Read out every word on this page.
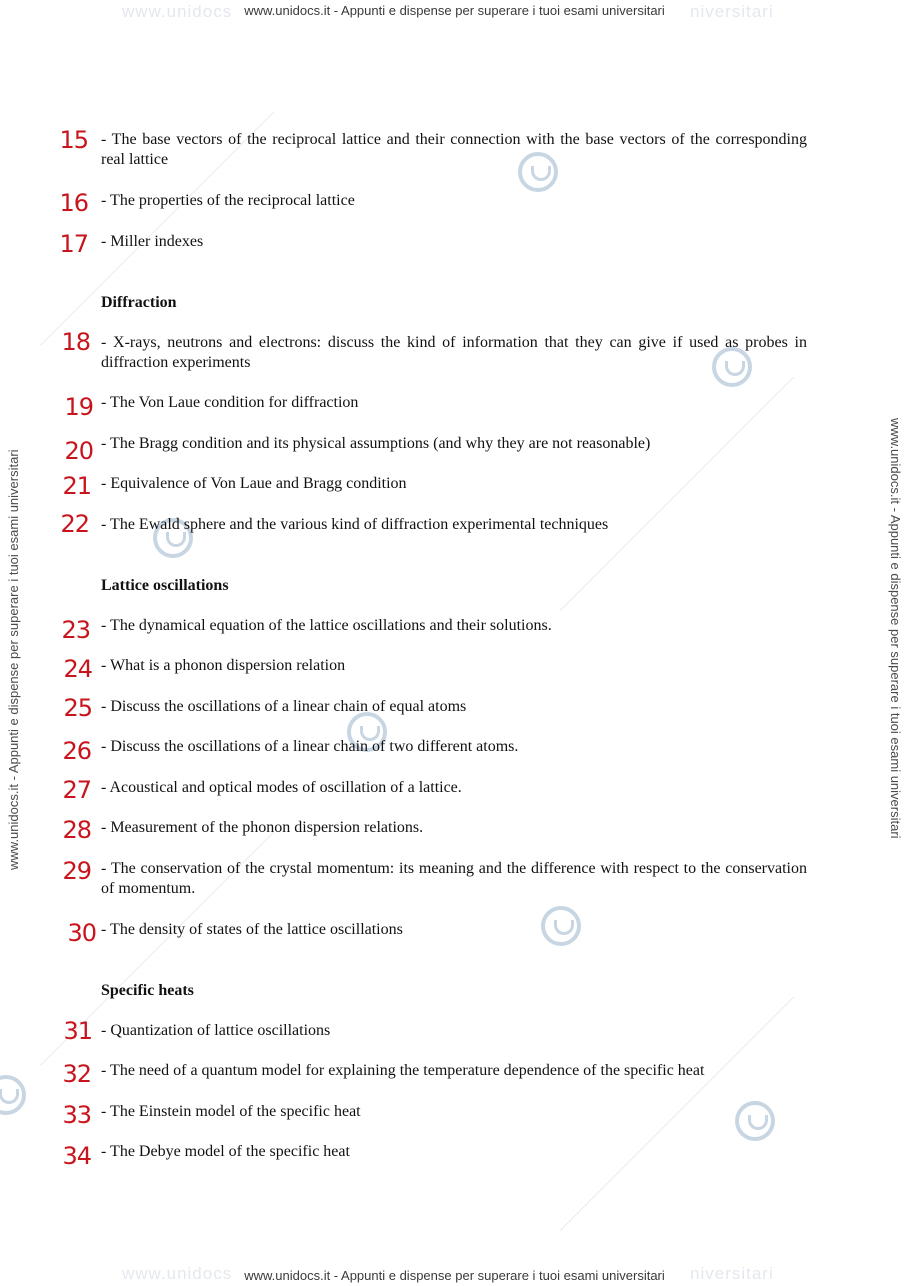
www.unidocs	niversitari
www.unidocs	niversitari
www.unidocs.it - Appunti e dispense per superare i tuoi esami universitari
www.unidocs.it - Appunti e dispense per superare i tuoi esami universitari
www.unidocs.it - Appunti e dispense per superare i tuoi esami universitari	www.unidocs.it - Appunti e dispense per superare i tuoi esami universitari
15 - The base vectors of the reciprocal lattice and their connection with the base vectors of the corresponding real lattice
16 - The properties of the reciprocal lattice
17 - Miller indexes
Diffraction
18 - X-rays, neutrons and electrons: discuss the kind of information that they can give if used as probes in diffraction experiments
19 - The Von Laue condition for diffraction
20 - The Bragg condition and its physical assumptions (and why they are not reasonable)
21 - Equivalence of Von Laue and Bragg condition
22 - The Ewald sphere and the various kind of diffraction experimental techniques
Lattice oscillations
23 - The dynamical equation of the lattice oscillations and their solutions.
24 - What is a phonon dispersion relation
25 - Discuss the oscillations of a linear chain of equal atoms
26 - Discuss the oscillations of a linear chain of two different atoms.
27 - Acoustical and optical modes of oscillation of a lattice.
28 - Measurement of the phonon dispersion relations.
29 - The conservation of the crystal momentum: its meaning and the difference with respect to the conservation of momentum.
30 - The density of states of the lattice oscillations
Specific heats
31 - Quantization of lattice oscillations
32 - The need of a quantum model for explaining the temperature dependence of the specific heat
33 - The Einstein model of the specific heat
34 - The Debye model of the specific heat
